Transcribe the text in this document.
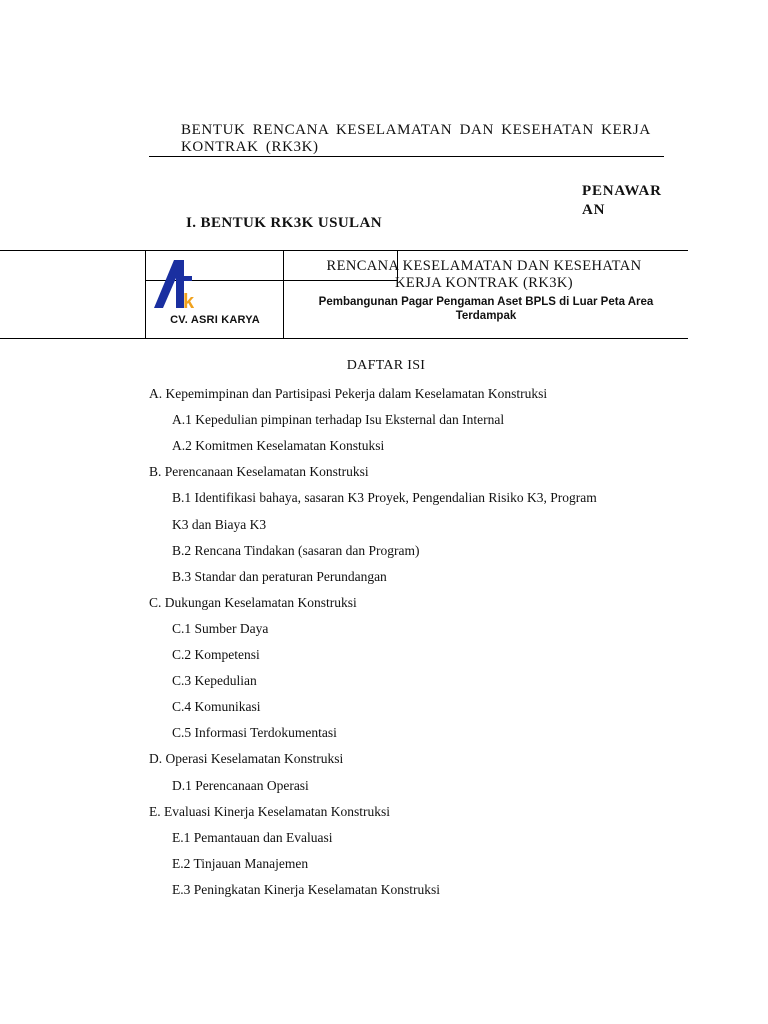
BENTUK RENCANA KESELAMATAN DAN KESEHATAN KERJA
KONTRAK (RK3K)
PENAWAR
AN
I. BENTUK RK3K USULAN
k
CV. ASRI KARYA
RENCANA KESELAMATAN DAN KESEHATAN
KERJA KONTRAK (RK3K)
Pembangunan Pagar Pengaman Aset BPLS di Luar Peta Area
Terdampak
DAFTAR ISI
A. Kepemimpinan dan Partisipasi Pekerja dalam Keselamatan Konstruksi
A.1 Kepedulian pimpinan terhadap Isu Eksternal dan Internal
A.2 Komitmen Keselamatan Konstuksi
B. Perencanaan Keselamatan Konstruksi
B.1 Identifikasi bahaya, sasaran K3 Proyek, Pengendalian Risiko K3, Program
K3 dan Biaya K3
B.2 Rencana Tindakan (sasaran dan Program)
B.3 Standar dan peraturan Perundangan
C. Dukungan Keselamatan Konstruksi
C.1 Sumber Daya
C.2 Kompetensi
C.3 Kepedulian
C.4 Komunikasi
C.5 Informasi Terdokumentasi
D. Operasi Keselamatan Konstruksi
D.1 Perencanaan Operasi
E. Evaluasi Kinerja Keselamatan Konstruksi
E.1 Pemantauan dan Evaluasi
E.2 Tinjauan Manajemen
E.3 Peningkatan Kinerja Keselamatan Konstruksi
